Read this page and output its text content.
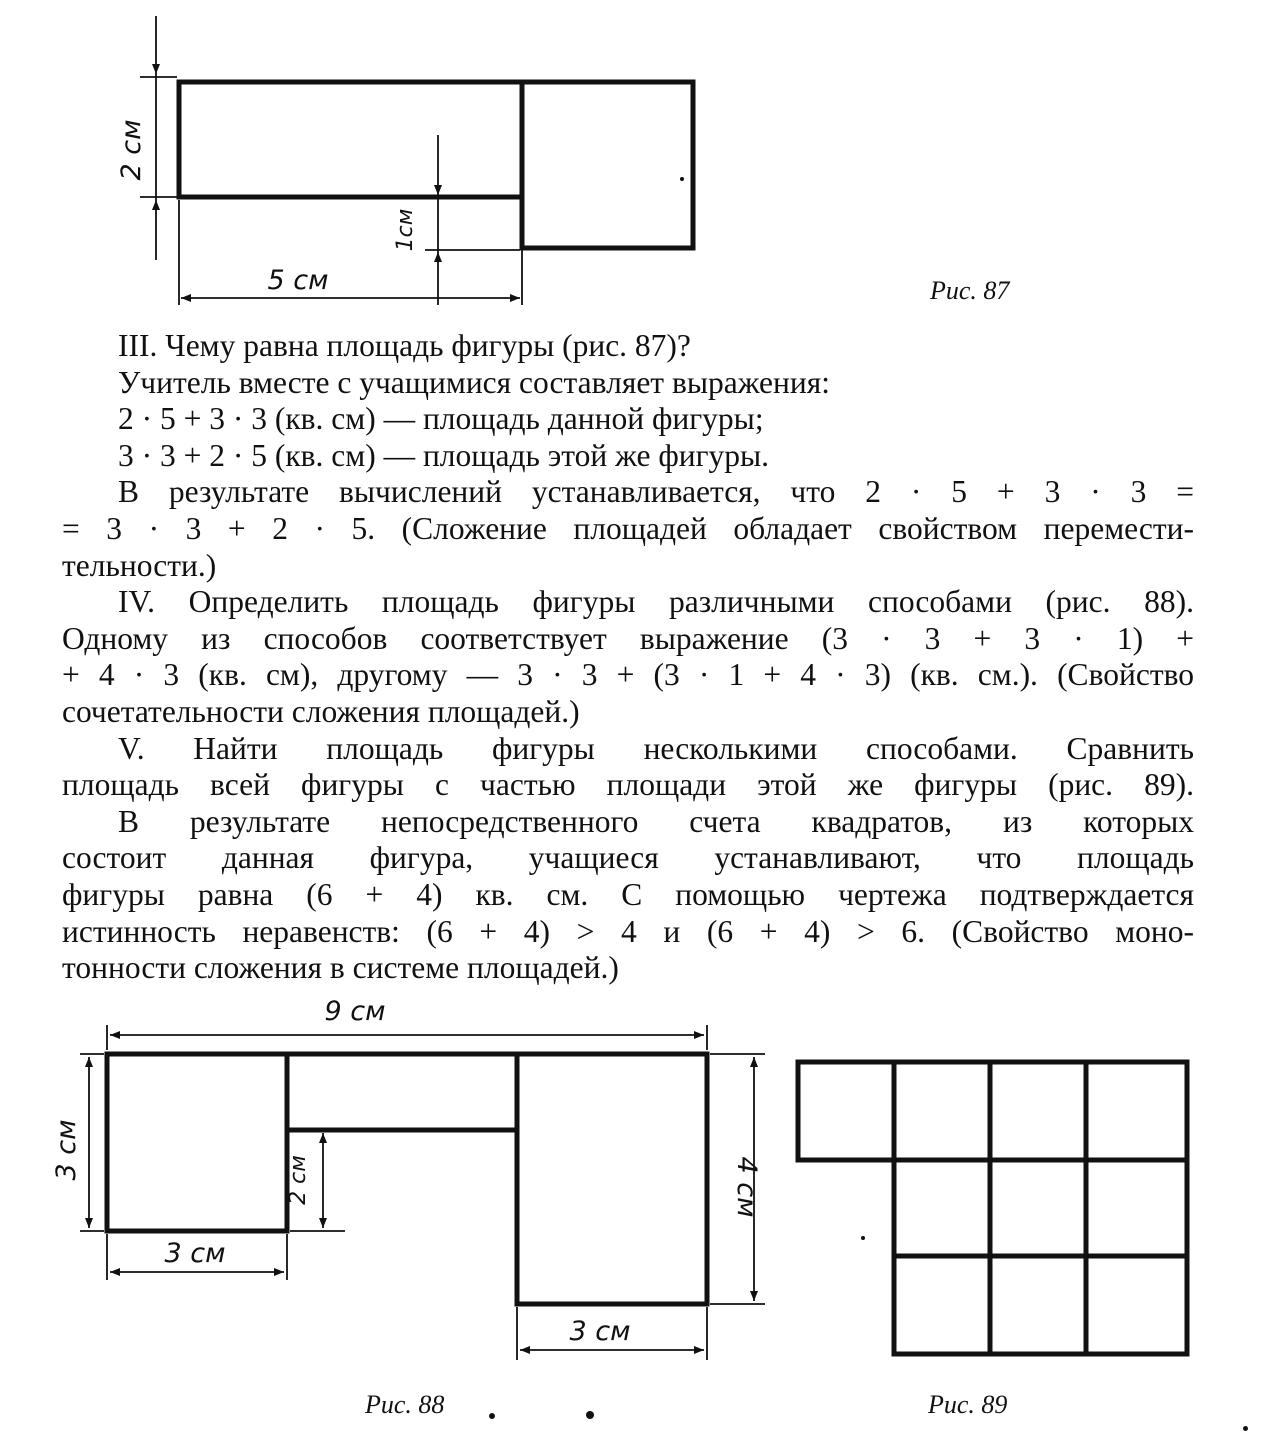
2 см
1см
5 см	Рис. 87
9 см
3 см	2 см	4 см
3 см
3 см
Рис. 88	Рис. 89
III. Чему равна площадь фигуры (рис. 87)?
Учитель вместе с учащимися составляет выражения:
2 · 5 + 3 · 3 (кв. см) — площадь данной фигуры;
3 · 3 + 2 · 5 (кв. см) — площадь этой же фигуры.
В результате вычислений устанавливается, что 2 · 5 + 3 · 3 =
= 3 · 3 + 2 · 5. (Сложение площадей обладает свойством перемести-
тельности.)
IV. Определить площадь фигуры различными способами (рис. 88).
Одному из способов соответствует выражение (3 · 3 + 3 · 1) +
+ 4 · 3 (кв. см), другому — 3 · 3 + (3 · 1 + 4 · 3) (кв. см.). (Свойство
сочетательности сложения площадей.)
V. Найти площадь фигуры несколькими способами. Сравнить
площадь всей фигуры с частью площади этой же фигуры (рис. 89).
В результате непосредственного счета квадратов, из которых
состоит данная фигура, учащиеся устанавливают, что площадь
фигуры равна (6 + 4) кв. см. С помощью чертежа подтверждается
истинность неравенств: (6 + 4) > 4 и (6 + 4) > 6. (Свойство моно-
тонности сложения в системе площадей.)
